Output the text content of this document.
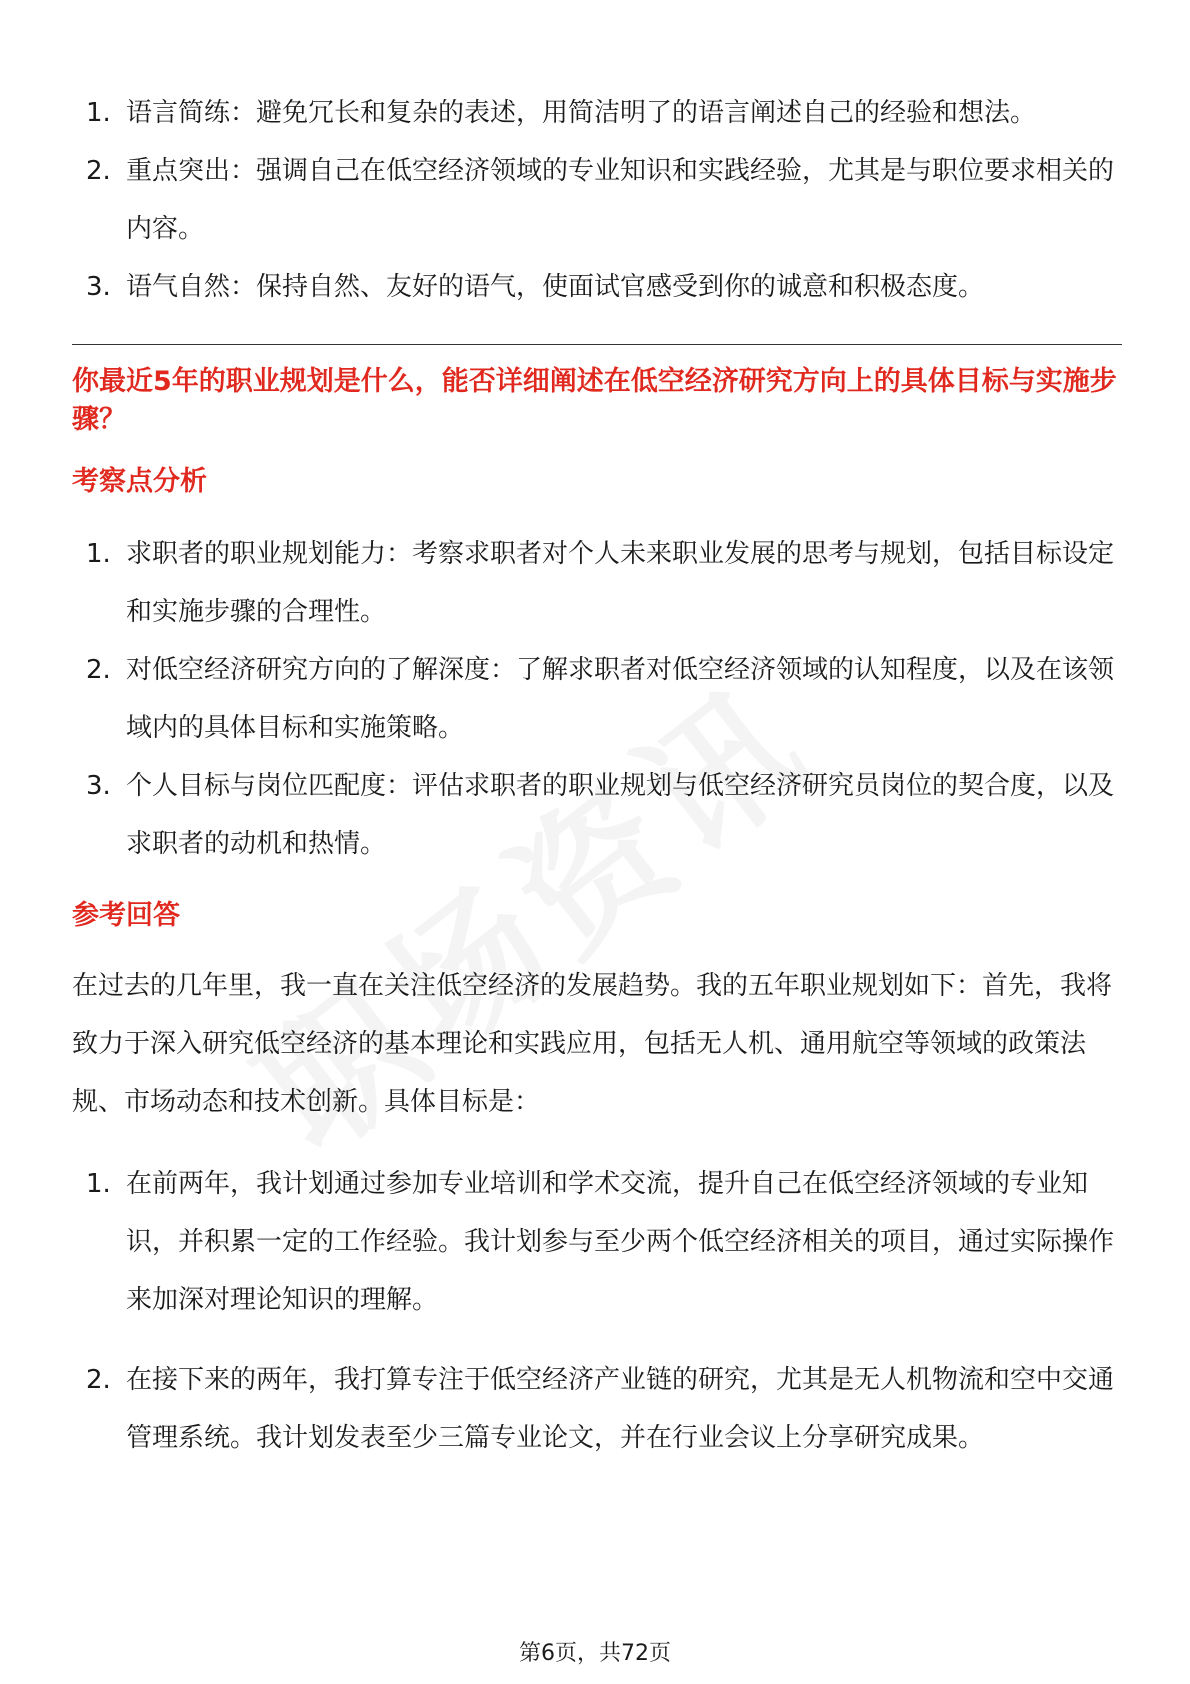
1. 语言简练：避免冗长和复杂的表述，用简洁明了的语言阐述自己的经验和想法。
2. 重点突出：强调自己在低空经济领域的专业知识和实践经验，尤其是与职位要求相关的内容。
3. 语气自然：保持自然、友好的语气，使面试官感受到你的诚意和积极态度。
你最近5年的职业规划是什么，能否详细阐述在低空经济研究方向上的具体目标与实施步骤？
考察点分析
1. 求职者的职业规划能力：考察求职者对个人未来职业发展的思考与规划，包括目标设定和实施步骤的合理性。
2. 对低空经济研究方向的了解深度：了解求职者对低空经济领域的认知程度，以及在该领域内的具体目标和实施策略。
3. 个人目标与岗位匹配度：评估求职者的职业规划与低空经济研究员岗位的契合度，以及求职者的动机和热情。
参考回答
在过去的几年里，我一直在关注低空经济的发展趋势。我的五年职业规划如下：首先，我将致力于深入研究低空经济的基本理论和实践应用，包括无人机、通用航空等领域的政策法规、市场动态和技术创新。具体目标是：
1. 在前两年，我计划通过参加专业培训和学术交流，提升自己在低空经济领域的专业知识，并积累一定的工作经验。我计划参与至少两个低空经济相关的项目，通过实际操作来加深对理论知识的理解。
2. 在接下来的两年，我打算专注于低空经济产业链的研究，尤其是无人机物流和空中交通管理系统。我计划发表至少三篇专业论文，并在行业会议上分享研究成果。
第6页，共72页
